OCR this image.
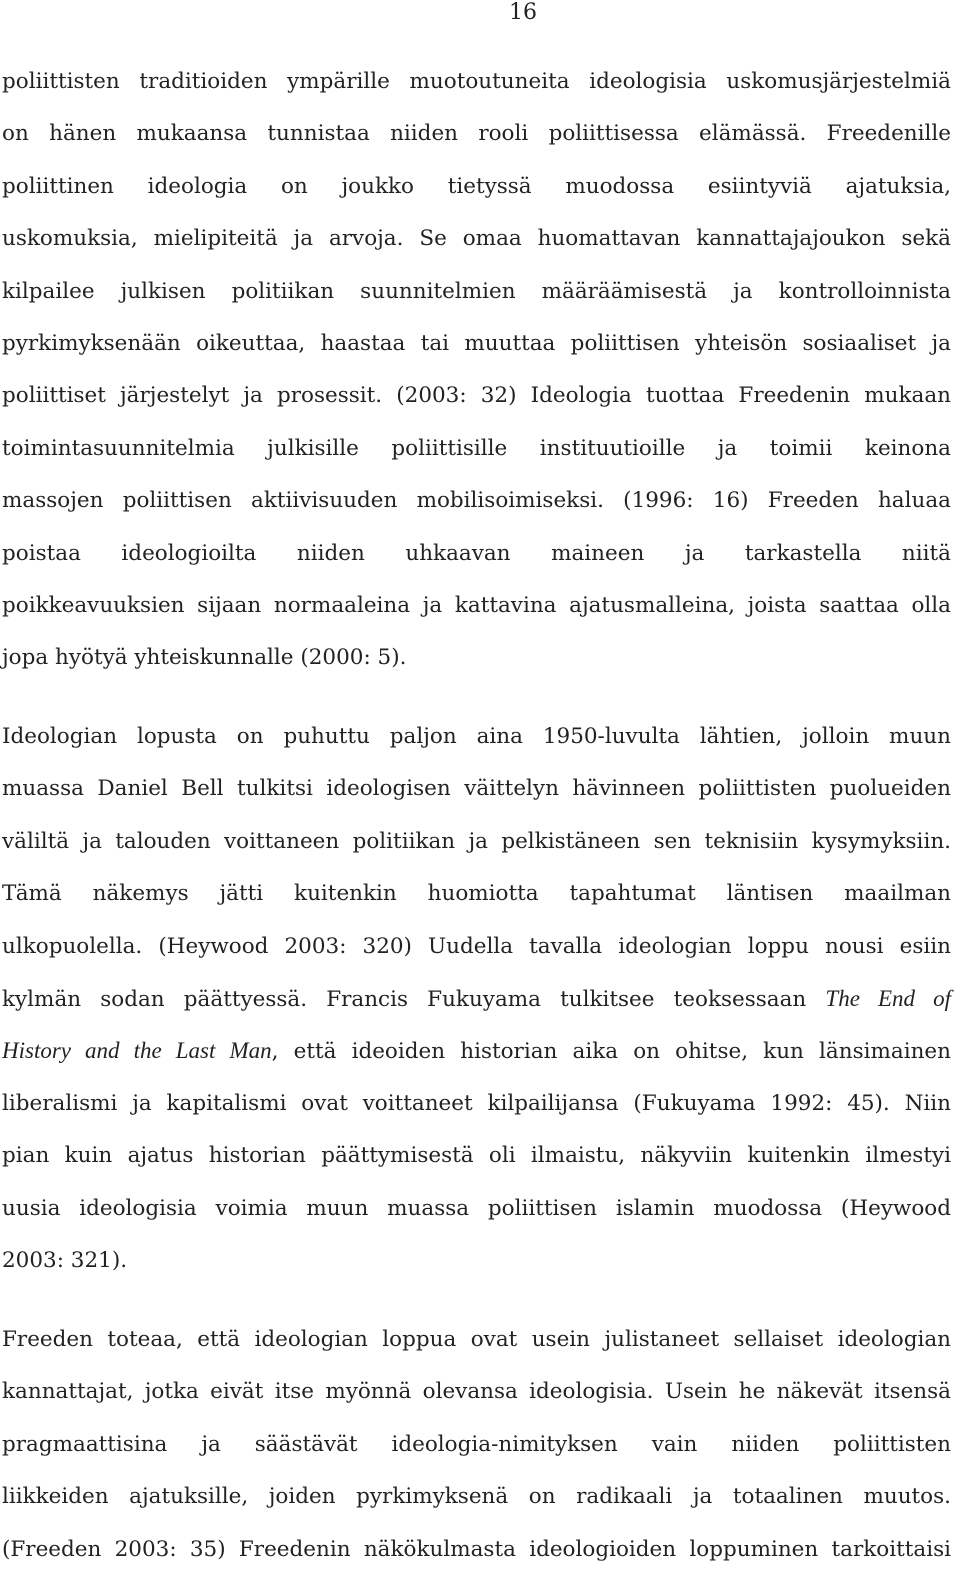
16
poliittisten traditioiden ympärille muotoutuneita ideologisia uskomusjärjestelmiä
on hänen mukaansa tunnistaa niiden rooli poliittisessa elämässä. Freedenille
poliittinen ideologia on joukko tietyssä muodossa esiintyviä ajatuksia,
uskomuksia, mielipiteitä ja arvoja. Se omaa huomattavan kannattajajoukon sekä
kilpailee julkisen politiikan suunnitelmien määräämisestä ja kontrolloinnista
pyrkimyksenään oikeuttaa, haastaa tai muuttaa poliittisen yhteisön sosiaaliset ja
poliittiset järjestelyt ja prosessit. (2003: 32) Ideologia tuottaa Freedenin mukaan
toimintasuunnitelmia julkisille poliittisille instituutioille ja toimii keinona
massojen poliittisen aktiivisuuden mobilisoimiseksi. (1996: 16) Freeden haluaa
poistaa ideologioilta niiden uhkaavan maineen ja tarkastella niitä
poikkeavuuksien sijaan normaaleina ja kattavina ajatusmalleina, joista saattaa olla
jopa hyötyä yhteiskunnalle (2000: 5).
Ideologian lopusta on puhuttu paljon aina 1950-luvulta lähtien, jolloin muun
muassa Daniel Bell tulkitsi ideologisen väittelyn hävinneen poliittisten puolueiden
väliltä ja talouden voittaneen politiikan ja pelkistäneen sen teknisiin kysymyksiin.
Tämä näkemys jätti kuitenkin huomiotta tapahtumat läntisen maailman
ulkopuolella. (Heywood 2003: 320) Uudella tavalla ideologian loppu nousi esiin
kylmän sodan päättyessä. Francis Fukuyama tulkitsee teoksessaan The End of
History and the Last Man, että ideoiden historian aika on ohitse, kun länsimainen
liberalismi ja kapitalismi ovat voittaneet kilpailijansa (Fukuyama 1992: 45). Niin
pian kuin ajatus historian päättymisestä oli ilmaistu, näkyviin kuitenkin ilmestyi
uusia ideologisia voimia muun muassa poliittisen islamin muodossa (Heywood
2003: 321).
Freeden toteaa, että ideologian loppua ovat usein julistaneet sellaiset ideologian
kannattajat, jotka eivät itse myönnä olevansa ideologisia. Usein he näkevät itsensä
pragmaattisina ja säästävät ideologia-nimityksen vain niiden poliittisten
liikkeiden ajatuksille, joiden pyrkimyksenä on radikaali ja totaalinen muutos.
(Freeden 2003: 35) Freedenin näkökulmasta ideologioiden loppuminen tarkoittaisi
